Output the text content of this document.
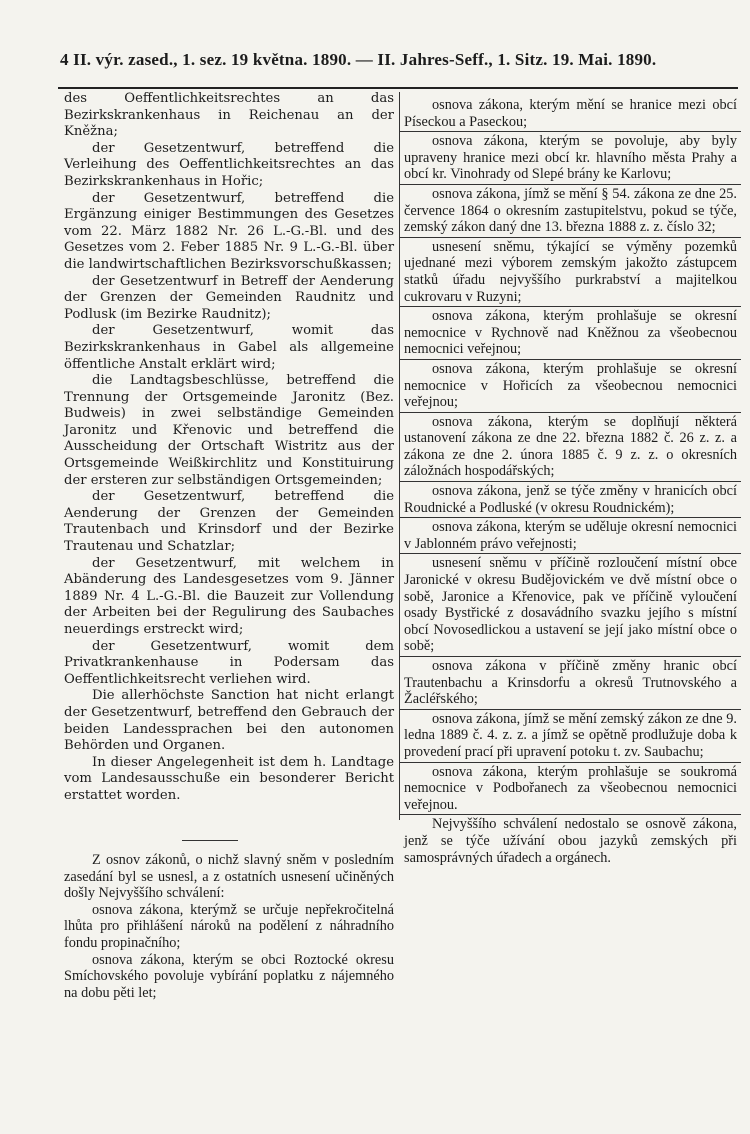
4 II. výr. zased., 1. sez. 19 května. 1890. — II. Jahres-Seff., 1. Sitz. 19. Mai. 1890.

des Oeffentlichkeitsrechtes an das Bezirkskrankenhaus in Reichenau an der Kněžna;

der Gesetzentwurf, betreffend die Verleihung des Oeffentlichkeitsrechtes an das Bezirkskrankenhaus in Hořic;

der Gesetzentwurf, betreffend die Ergänzung einiger Bestimmungen des Gesetzes vom 22. März 1882 Nr. 26 L.-G.-Bl. und des Gesetzes vom 2. Feber 1885 Nr. 9 L.-G.-Bl. über die landwirtschaftlichen Bezirksvorschußkassen;

der Gesetzentwurf in Betreff der Aenderung der Grenzen der Gemeinden Raudnitz und Podlusk (im Bezirke Raudnitz);

der Gesetzentwurf, womit das Bezirkskrankenhaus in Gabel als allgemeine öffentliche Anstalt erklärt wird;

die Landtagsbeschlüsse, betreffend die Trennung der Ortsgemeinde Jaronitz (Bez. Budweis) in zwei selbständige Gemeinden Jaronitz und Křenovic und betreffend die Ausscheidung der Ortschaft Wistritz aus der Ortsgemeinde Weißkirchlitz und Konstituirung der ersteren zur selbständigen Ortsgemeinden;

der Gesetzentwurf, betreffend die Aenderung der Grenzen der Gemeinden Trautenbach und Krinsdorf und der Bezirke Trautenau und Schatzlar;

der Gesetzentwurf, mit welchem in Abänderung des Landesgesetzes vom 9. Jänner 1889 Nr. 4 L.-G.-Bl. die Bauzeit zur Vollendung der Arbeiten bei der Regulirung des Saubaches neuerdings erstreckt wird;

der Gesetzentwurf, womit dem Privatkrankenhause in Podersam das Oeffentlichkeitsrecht verliehen wird.

Die allerhöchste Sanction hat nicht erlangt der Gesetzentwurf, betreffend den Gebrauch der beiden Landessprachen bei den autonomen Behörden und Organen.

In dieser Angelegenheit ist dem h. Landtage vom Landesausschuße ein besonderer Bericht erstattet worden.

Z osnov zákonů, o nichž slavný sněm v posledním zasedání byl se usnesl, a z ostatních usnesení učiněných došly Nejvyššího schválení:

osnova zákona, kterýmž se určuje nepřekročitelná lhůta pro přihlášení nároků na podělení z náhradního fondu propinačního;

osnova zákona, kterým se obci Roztocké okresu Smíchovského povoluje vybírání poplatku z nájemného na dobu pěti let;

osnova zákona, kterým mění se hranice mezi obcí Píseckou a Paseckou;

osnova zákona, kterým se povoluje, aby byly upraveny hranice mezi obcí kr. hlavního města Prahy a obcí kr. Vinohrady od Slepé brány ke Karlovu;

osnova zákona, jímž se mění § 54. zákona ze dne 25. července 1864 o okresním zastupitelstvu, pokud se týče, zemský zákon daný dne 13. března 1888 z. z. číslo 32;

usnesení sněmu, týkající se výměny pozemků ujednané mezi výborem zemským jakožto zástupcem statků úřadu nejvyššího purkrabství a majitelkou cukrovaru v Ruzyni;

osnova zákona, kterým prohlašuje se okresní nemocnice v Rychnově nad Kněžnou za všeobecnou nemocnici veřejnou;

osnova zákona, kterým prohlašuje se okresní nemocnice v Hořicích za všeobecnou nemocnici veřejnou;

osnova zákona, kterým se doplňují některá ustanovení zákona ze dne 22. března 1882 č. 26 z. z. a zákona ze dne 2. února 1885 č. 9 z. z. o okresních záložnách hospodářských;

osnova zákona, jenž se týče změny v hranicích obcí Roudnické a Podluské (v okresu Roudnickém);

osnova zákona, kterým se uděluje okresní nemocnici v Jablonném právo veřejnosti;

usnesení sněmu v příčině rozloučení místní obce Jaronické v okresu Budějovickém ve dvě místní obce o sobě, Jaronice a Křenovice, pak ve příčině vyloučení osady Bystřické z dosavádního svazku jejího s místní obcí Novosedlickou a ustavení se její jako místní obce o sobě;

osnova zákona v příčině změny hranic obcí Trautenbachu a Krinsdorfu a okresů Trutnovského a Žacléřského;

osnova zákona, jímž se mění zemský zákon ze dne 9. ledna 1889 č. 4. z. z. a jímž se opětně prodlužuje doba k provedení prací při upravení potoku t. zv. Saubachu;

osnova zákona, kterým prohlašuje se soukromá nemocnice v Podbořanech za všeobecnou nemocnici veřejnou.

Nejvyššího schválení nedostalo se osnově zákona, jenž se týče užívání obou jazyků zemských při samosprávných úřadech a orgánech.
